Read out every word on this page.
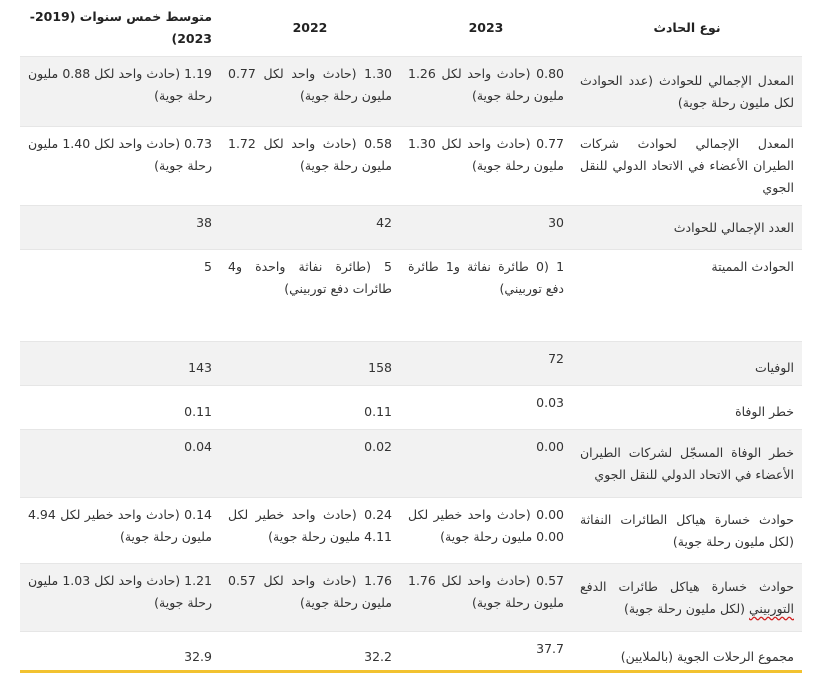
نوع الحادث	2023	2022	متوسط خمس سنوات (2019-2023)
المعدل الإجمالي للحوادث (عدد الحوادث لكل مليون رحلة جوية)	0.80 (حادث واحد لكل 1.26 مليون رحلة جوية)	1.30 (حادث واحد لكل 0.77 مليون رحلة جوية)	1.19 (حادث واحد لكل 0.88 مليون رحلة جوية)
المعدل الإجمالي لحوادث شركات الطيران الأعضاء في الاتحاد الدولي للنقل الجوي	0.77 (حادث واحد لكل 1.30 مليون رحلة جوية)	0.58 (حادث واحد لكل 1.72 مليون رحلة جوية)	0.73 (حادث واحد لكل 1.40 مليون رحلة جوية)
العدد الإجمالي للحوادث	30	42	38
الحوادث المميتة	1 (0 طائرة نفاثة و1 طائرة دفع توربيني)	5 (طائرة نفاثة واحدة و4 طائرات دفع توربيني)	5
الوفيات	72	158	143
خطر الوفاة	0.03	0.11	0.11
خطر الوفاة المسجّل لشركات الطيران الأعضاء في الاتحاد الدولي للنقل الجوي	0.00	0.02	0.04
حوادث خسارة هياكل الطائرات النفاثة (لكل مليون رحلة جوية)	0.00 (حادث واحد خطير لكل 0.00 مليون رحلة جوية)	0.24 (حادث واحد خطير لكل 4.11 مليون رحلة جوية)	0.14 (حادث واحد خطير لكل 4.94 مليون رحلة جوية)
حوادث خسارة هياكل طائرات الدفع التوربيني (لكل مليون رحلة جوية)	0.57 (حادث واحد لكل 1.76 مليون رحلة جوية)	1.76 (حادث واحد لكل 0.57 مليون رحلة جوية)	1.21 (حادث واحد لكل 1.03 مليون رحلة جوية)
مجموع الرحلات الجوية (بالملايين)	37.7	32.2	32.9
